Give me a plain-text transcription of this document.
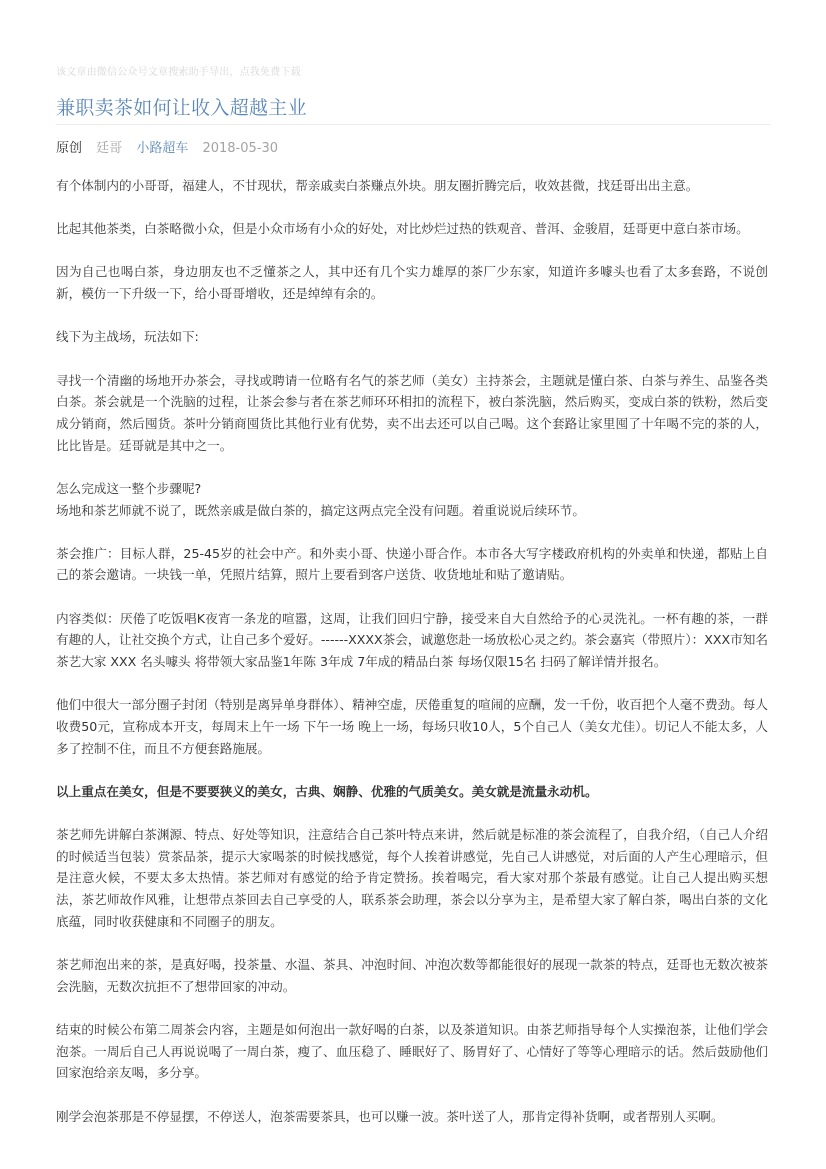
该文章由微信公众号文章搜索助手导出，点我免费下载
兼职卖茶如何让收入超越主业
原创 廷哥 小路超车 2018-05-30

有个体制内的小哥哥，福建人，不甘现状，帮亲戚卖白茶赚点外块。朋友圈折腾完后，收效甚微，找廷哥出出主意。

比起其他茶类，白茶略微小众，但是小众市场有小众的好处，对比炒烂过热的铁观音、普洱、金骏眉，廷哥更中意白茶市场。

因为自己也喝白茶，身边朋友也不乏懂茶之人，其中还有几个实力雄厚的茶厂少东家，知道许多噱头也看了太多套路，不说创新，模仿一下升级一下，给小哥哥增收，还是绰绰有余的。

线下为主战场，玩法如下:

寻找一个清幽的场地开办茶会，寻找或聘请一位略有名气的茶艺师（美女）主持茶会，主题就是懂白茶、白茶与养生、品鉴各类白茶。茶会就是一个洗脑的过程，让茶会参与者在茶艺师环环相扣的流程下，被白茶洗脑，然后购买，变成白茶的铁粉，然后变成分销商，然后囤货。茶叶分销商囤货比其他行业有优势，卖不出去还可以自己喝。这个套路让家里囤了十年喝不完的茶的人，比比皆是。廷哥就是其中之一。

怎么完成这一整个步骤呢?

场地和茶艺师就不说了，既然亲戚是做白茶的，搞定这两点完全没有问题。着重说说后续环节。

茶会推广：目标人群，25-45岁的社会中产。和外卖小哥、快递小哥合作。本市各大写字楼政府机构的外卖单和快递，都贴上自己的茶会邀请。一块钱一单，凭照片结算，照片上要看到客户送货、收货地址和贴了邀请贴。

内容类似：厌倦了吃饭唱K夜宵一条龙的喧嚣，这周，让我们回归宁静，接受来自大自然给予的心灵洗礼。一杯有趣的茶，一群有趣的人，让社交换个方式，让自己多个爱好。------XXXX茶会，诚邀您赴一场放松心灵之约。茶会嘉宾（带照片）：XXX市知名茶艺大家 XXX 名头噱头 将带领大家品鉴1年陈 3年成 7年成的精品白茶 每场仅限15名 扫码了解详情并报名。

他们中很大一部分圈子封闭（特别是离异单身群体）、精神空虚，厌倦重复的喧闹的应酬，发一千份，收百把个人毫不费劲。每人收费50元，宣称成本开支，每周末上午一场 下午一场 晚上一场，每场只收10人，5个自己人（美女尤佳）。切记人不能太多，人多了控制不住，而且不方便套路施展。

以上重点在美女，但是不要要狭义的美女，古典、娴静、优雅的气质美女。美女就是流量永动机。

茶艺师先讲解白茶渊源、特点、好处等知识，注意结合自己茶叶特点来讲，然后就是标准的茶会流程了，自我介绍，（自己人介绍的时候适当包装）赏茶品茶，提示大家喝茶的时候找感觉，每个人挨着讲感觉，先自己人讲感觉，对后面的人产生心理暗示，但是注意火候，不要太多太热情。茶艺师对有感觉的给予肯定赞扬。挨着喝完，看大家对那个茶最有感觉。让自己人提出购买想法，茶艺师故作风雅，让想带点茶回去自己享受的人，联系茶会助理，茶会以分享为主，是希望大家了解白茶，喝出白茶的文化底蕴，同时收获健康和不同圈子的朋友。

茶艺师泡出来的茶，是真好喝，投茶量、水温、茶具、冲泡时间、冲泡次数等都能很好的展现一款茶的特点，廷哥也无数次被茶会洗脑，无数次抗拒不了想带回家的冲动。

结束的时候公布第二周茶会内容，主题是如何泡出一款好喝的白茶，以及茶道知识。由茶艺师指导每个人实操泡茶，让他们学会泡茶。一周后自己人再说说喝了一周白茶，瘦了、血压稳了、睡眠好了、肠胃好了、心情好了等等心理暗示的话。然后鼓励他们回家泡给亲友喝，多分享。

刚学会泡茶那是不停显摆，不停送人，泡茶需要茶具，也可以赚一波。茶叶送了人，那肯定得补货啊，或者帮别人买啊。
